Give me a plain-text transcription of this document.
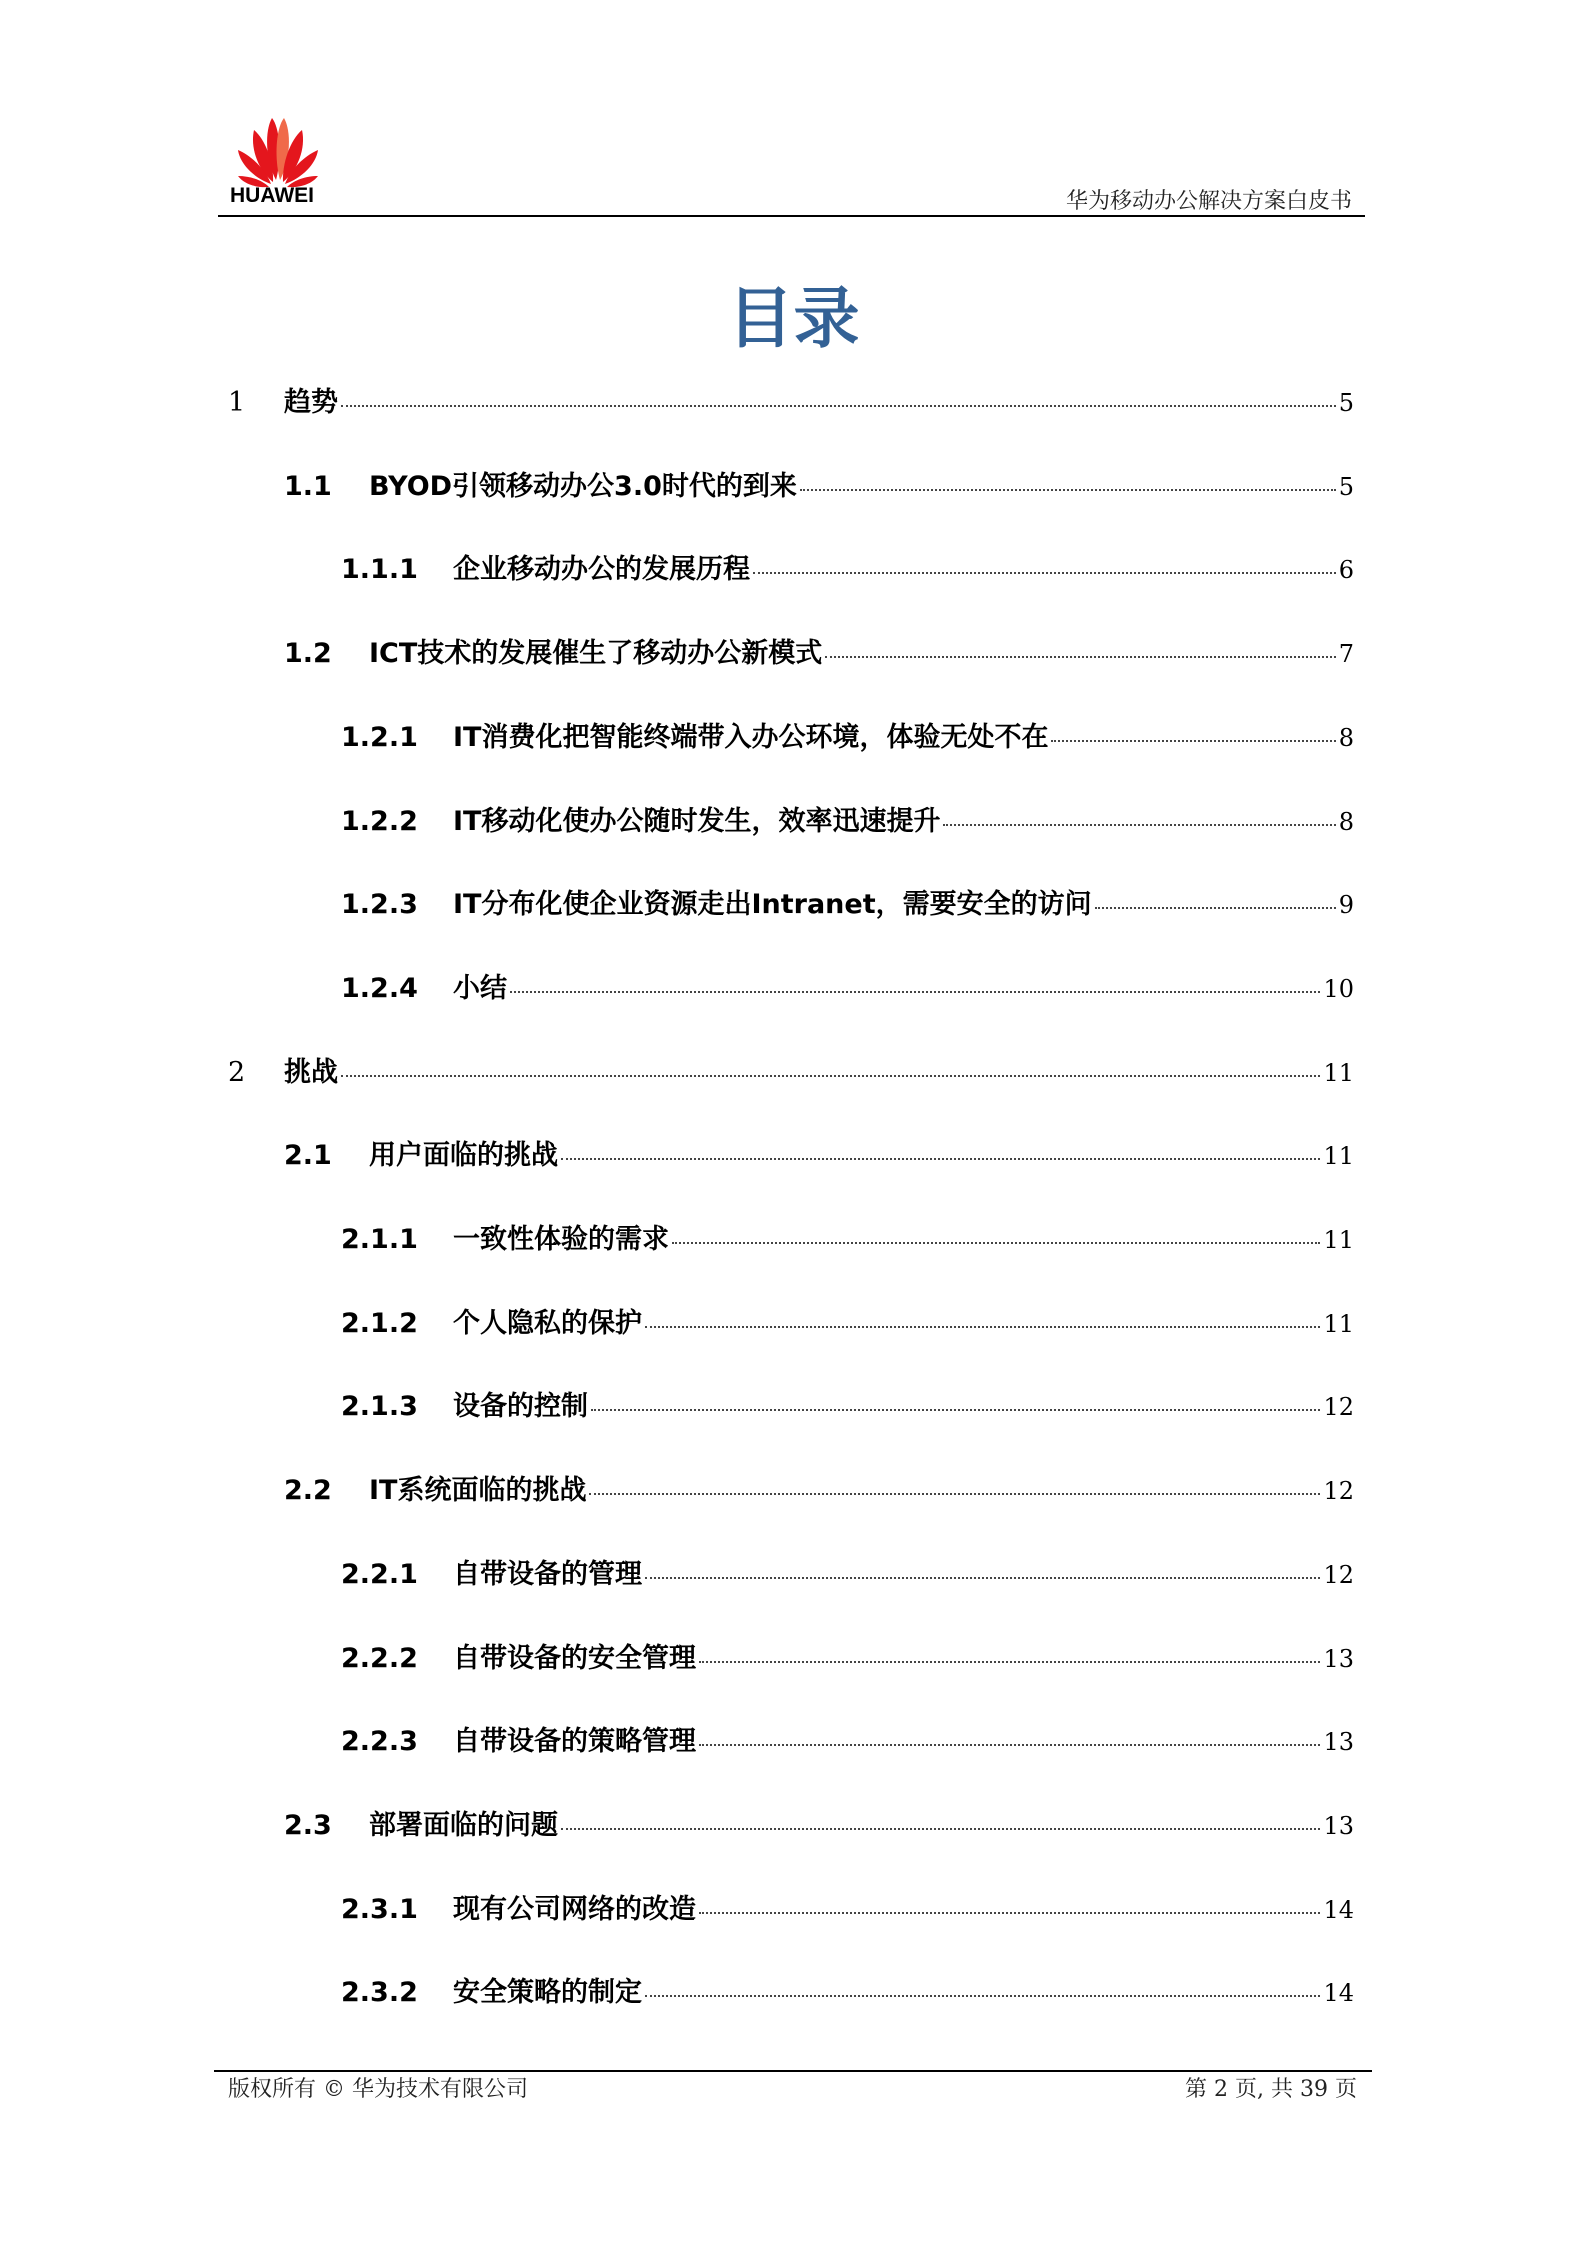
HUAWEI	华为移动办公解决方案白皮书
目录
1	趋势	5
1.1	BYOD引领移动办公3.0时代的到来	5
1.1.1	企业移动办公的发展历程	6
1.2	ICT技术的发展催生了移动办公新模式	7
1.2.1	IT消费化把智能终端带入办公环境，体验无处不在	8
1.2.2	IT移动化使办公随时发生，效率迅速提升	8
1.2.3	IT分布化使企业资源走出Intranet，需要安全的访问	9
1.2.4	小结	10
2	挑战	11
2.1	用户面临的挑战	11
2.1.1	一致性体验的需求	11
2.1.2	个人隐私的保护	11
2.1.3	设备的控制	12
2.2	IT系统面临的挑战	12
2.2.1	自带设备的管理	12
2.2.2	自带设备的安全管理	13
2.2.3	自带设备的策略管理	13
2.3	部署面临的问题	13
2.3.1	现有公司网络的改造	14
2.3.2	安全策略的制定	14
版权所有 © 华为技术有限公司	第 2 页, 共 39 页
